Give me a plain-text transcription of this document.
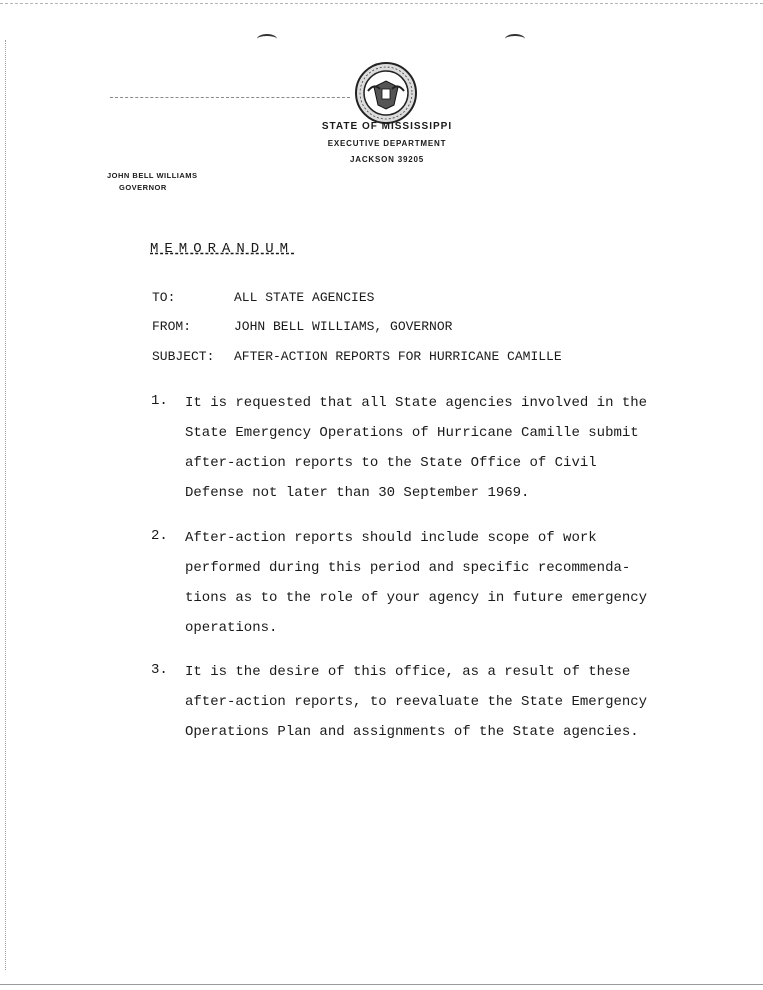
STATE OF MISSISSIPPI
EXECUTIVE DEPARTMENT
JACKSON 39205
JOHN BELL WILLIAMS
GOVERNOR
MEMORANDUM
TO:	ALL STATE AGENCIES
FROM:	JOHN BELL WILLIAMS, GOVERNOR
SUBJECT: AFTER-ACTION REPORTS FOR HURRICANE CAMILLE
1. It is requested that all State agencies involved in the
State Emergency Operations of Hurricane Camille submit
after-action reports to the State Office of Civil
Defense not later than 30 September 1969.
2. After-action reports should include scope of work
performed during this period and specific recommenda-
tions as to the role of your agency in future emergency
operations.
3. It is the desire of this office, as a result of these
after-action reports, to reevaluate the State Emergency
Operations Plan and assignments of the State agencies.
